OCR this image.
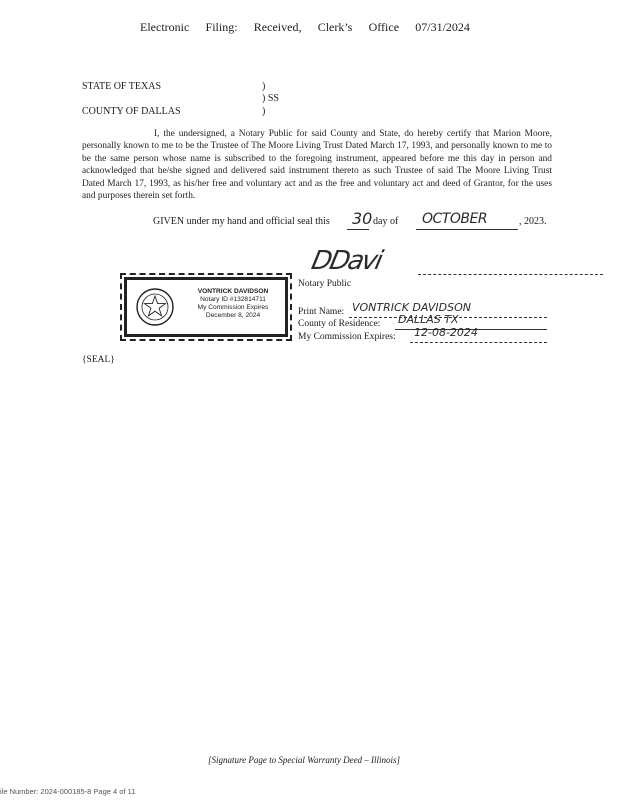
Electronic Filing: Received, Clerk’s Office 07/31/2024
STATE OF TEXAS
COUNTY OF DALLAS
)
) SS
)
I, the undersigned, a Notary Public for said County and State, do hereby certify that Marion Moore, personally known to me to be the Trustee of The Moore Living Trust Dated March 17, 1993, and personally known to me to be the same person whose name is subscribed to the foregoing instrument, appeared before me this day in person and acknowledged that he/she signed and delivered said instrument thereto as such Trustee of said The Moore Living Trust Dated March 17, 1993, as his/her free and voluntary act and as the free and voluntary act and deed of Grantor, for the uses and purposes therein set forth.
GIVEN under my hand and official seal this 30 day of OCTOBER	, 2023.
DDavi
Notary Public
VONTRICK DAVIDSON
Notary ID #132814711
My Commission Expires
December 8, 2024	Print Name: VONTRICK DAVIDSON
County of Residence: DALLAS TX
My Commission Expires: 12-08-2024
{SEAL}
[Signature Page to Special Warranty Deed – Illinois]
ile Number: 2024-000185-8 Page 4 of 11
